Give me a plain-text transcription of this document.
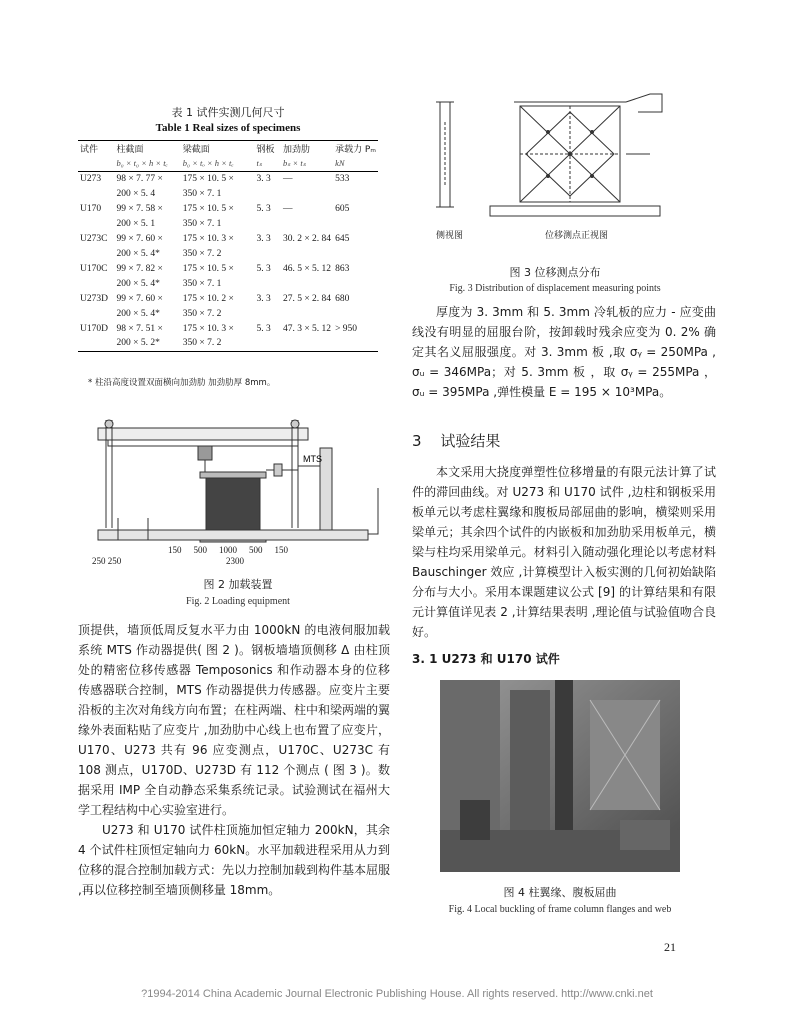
表 1 试件实测几何尺寸
Table 1 Real sizes of specimens
试件	柱截面	梁截面	钢板	加劲肋	承载力 Pₘ
	b₀ × t₀ × h × tₑ	b₀ × tₒ × h × tₑ	tₛ	bₛ × tₛ	kN
U273	98 × 7. 77 ×	175 × 10. 5 ×	3. 3	—	533
	200 × 5. 4	350 × 7. 1			
U170	99 × 7. 58 ×	175 × 10. 5 ×	5. 3	—	605
	200 × 5. 1	350 × 7. 1			
U273C	99 × 7. 60 ×	175 × 10. 3 ×	3. 3	30. 2 × 2. 84	645
	200 × 5. 4*	350 × 7. 2			
U170C	99 × 7. 82 ×	175 × 10. 5 ×	5. 3	46. 5 × 5. 12	863
	200 × 5. 4*	350 × 7. 1			
U273D	99 × 7. 60 ×	175 × 10. 2 ×	3. 3	27. 5 × 2. 84	680
	200 × 5. 4*	350 × 7. 2			
U170D	98 × 7. 51 ×	175 × 10. 3 ×	5. 3	47. 3 × 5. 12	> 950
	200 × 5. 2*	350 × 7. 2			
* 柱沿高度设置双面横向加劲肋 加劲肋厚 8mm。
MTS
250 250
150 500 1000 500 150
2300
图 2 加载装置
Fig. 2 Loading equipment

顶提供，墙顶低周反复水平力由 1000kN 的电液伺服加载系统 MTS 作动器提供( 图 2 )。钢板墙墙顶侧移 Δ 由柱顶处的精密位移传感器 Temposonics 和作动器本身的位移传感器联合控制，MTS 作动器提供力传感器。应变片主要沿板的主次对角线方向布置；在柱两端、柱中和梁两端的翼缘外表面粘贴了应变片 ,加劲肋中心线上也布置了应变片，U170、U273 共有 96 应变测点，U170C、U273C 有 108 测点，U170D、U273D 有 112 个测点 ( 图 3 )。数据采用 IMP 全自动静态采集系统记录。试验测试在福州大学工程结构中心实验室进行。

U273 和 U170 试件柱顶施加恒定轴力 200kN，其余 4 个试件柱顶恒定轴向力 60kN。水平加载进程采用从力到位移的混合控制加载方式：先以力控制加载到构件基本屈服 ,再以位移控制至墙顶侧移量 18mm。

侧视图	位移测点正视图
图 3 位移测点分布
Fig. 3 Distribution of displacement measuring points

厚度为 3. 3mm 和 5. 3mm 冷轧板的应力 - 应变曲线没有明显的屈服台阶，按卸载时残余应变为 0. 2% 确定其名义屈服强度。对 3. 3mm 板 ,取 σᵧ = 250MPa , σᵤ = 346MPa；对 5. 3mm 板 ，取 σᵧ = 255MPa ， σᵤ = 395MPa ,弹性模量 E = 195 × 10³MPa。

3 试验结果

本文采用大挠度弹塑性位移增量的有限元法计算了试件的滞回曲线。对 U273 和 U170 试件 ,边柱和钢板采用板单元以考虑柱翼缘和腹板局部屈曲的影响，横梁则采用梁单元；其余四个试件的内嵌板和加劲肋采用板单元，横梁与柱均采用梁单元。材料引入随动强化理论以考虑材料 Bauschinger 效应 ,计算模型计入板实测的几何初始缺陷分布与大小。采用本课题建议公式 [9] 的计算结果和有限元计算值详见表 2 ,计算结果表明 ,理论值与试验值吻合良好。

3. 1 U273 和 U170 试件
图 4 柱翼缘、腹板屈曲
Fig. 4 Local buckling of frame column flanges and web
21
?1994-2014 China Academic Journal Electronic Publishing House. All rights reserved. http://www.cnki.net
